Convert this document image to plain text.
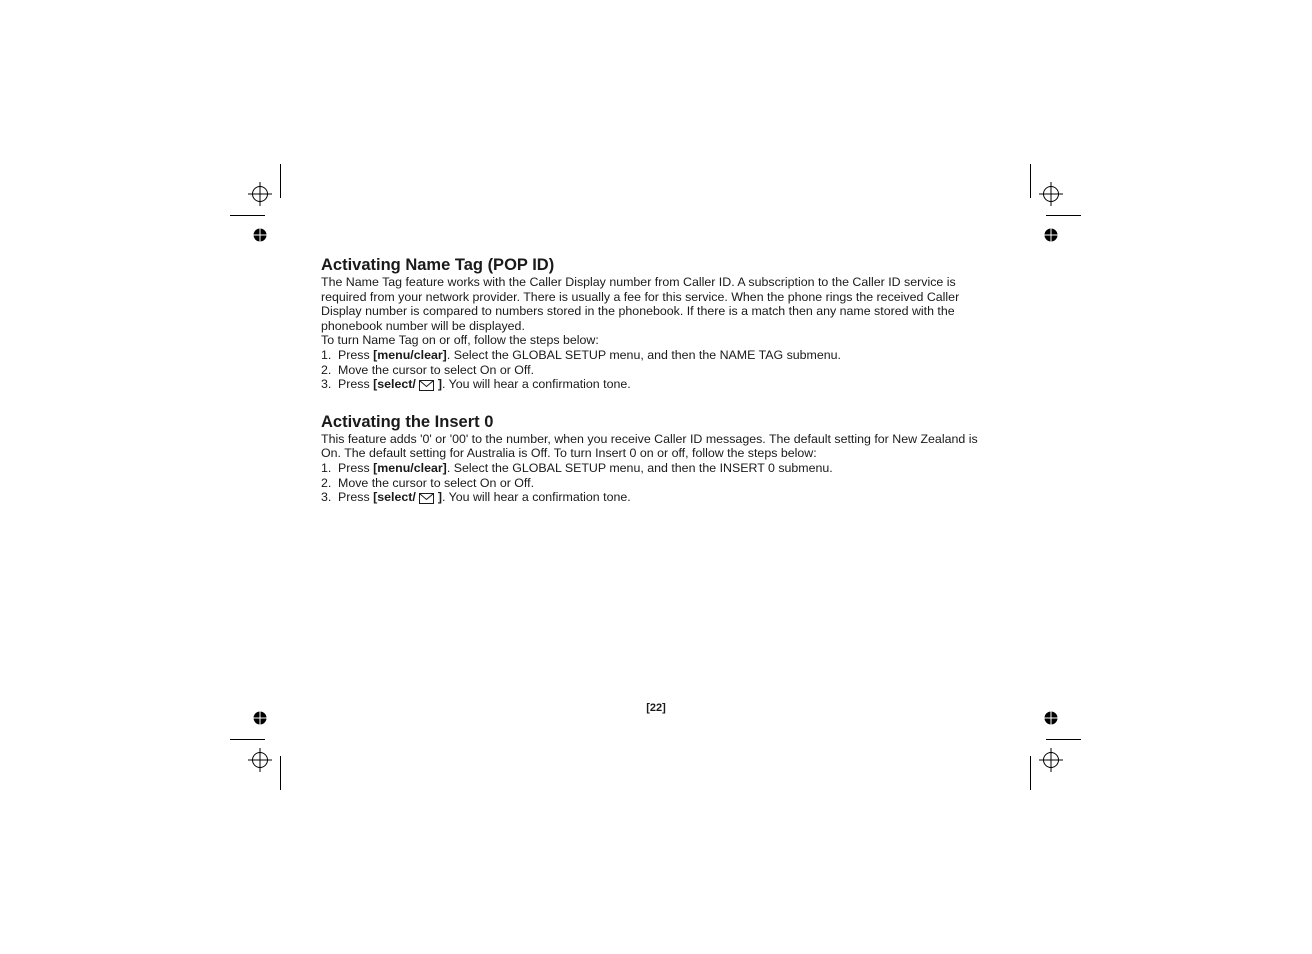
Activating Name Tag (POP ID)

The Name Tag feature works with the Caller Display number from Caller ID. A subscription to the Caller ID service is required from your network provider. There is usually a fee for this service. When the phone rings the received Caller Display number is compared to numbers stored in the phonebook. If there is a match then any name stored with the phonebook number will be displayed.

To turn Name Tag on or off, follow the steps below:

1. Press [menu/clear]. Select the GLOBAL SETUP menu, and then the NAME TAG submenu.
2. Move the cursor to select On or Off.
3. Press [select/ ]. You will hear a confirmation tone.
Activating the Insert 0

This feature adds '0' or '00' to the number, when you receive Caller ID messages. The default setting for New Zealand is On. The default setting for Australia is Off. To turn Insert 0 on or off, follow the steps below:

1. Press [menu/clear]. Select the GLOBAL SETUP menu, and then the INSERT 0 submenu.
2. Move the cursor to select On or Off.
3. Press [select/ ]. You will hear a confirmation tone.
[22]
